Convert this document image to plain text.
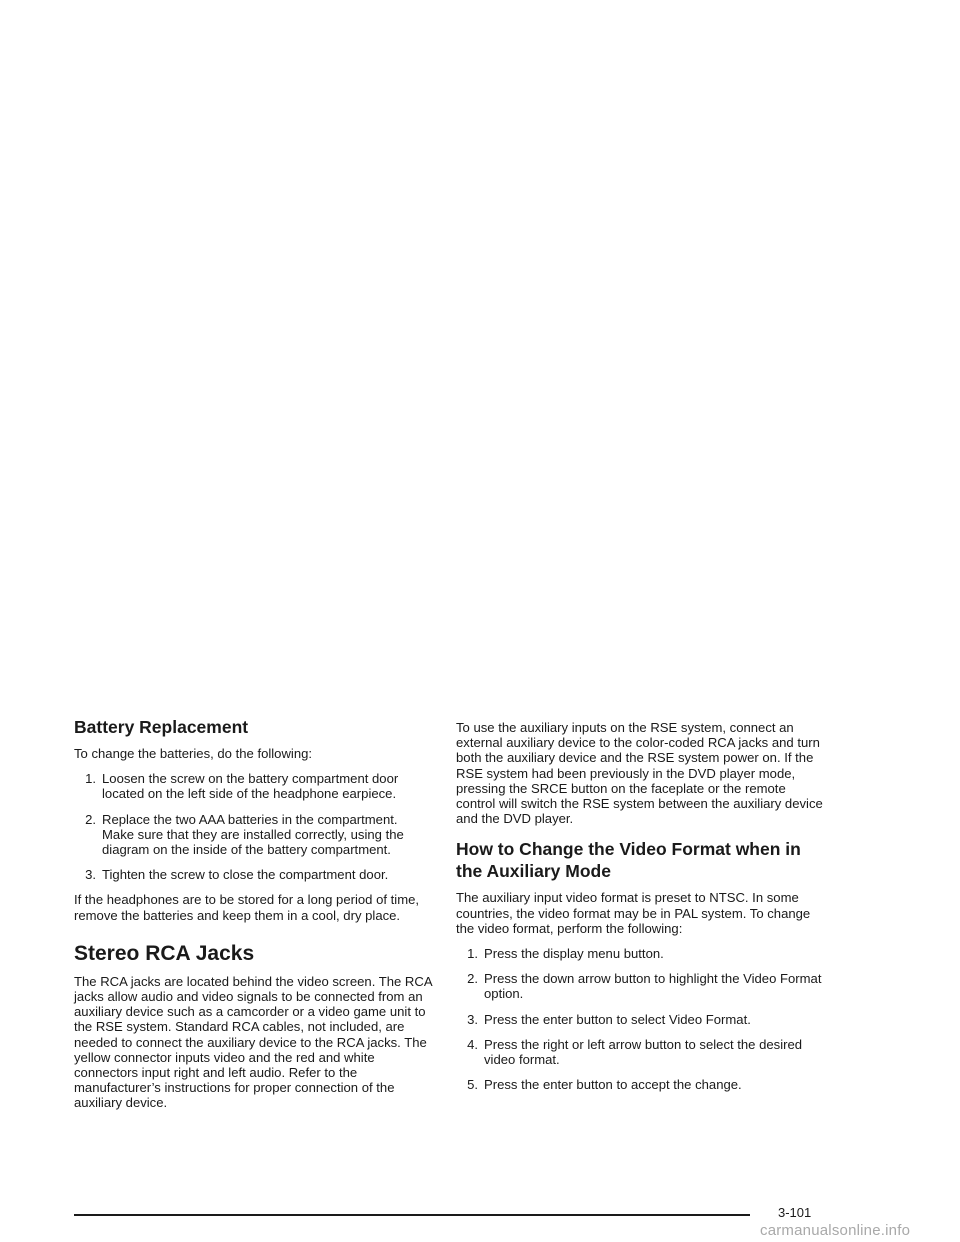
Battery Replacement

To change the batteries, do the following:

1. Loosen the screw on the battery compartment door located on the left side of the headphone earpiece.
2. Replace the two AAA batteries in the compartment. Make sure that they are installed correctly, using the diagram on the inside of the battery compartment.
3. Tighten the screw to close the compartment door.

If the headphones are to be stored for a long period of time, remove the batteries and keep them in a cool, dry place.

Stereo RCA Jacks

The RCA jacks are located behind the video screen. The RCA jacks allow audio and video signals to be connected from an auxiliary device such as a camcorder or a video game unit to the RSE system. Standard RCA cables, not included, are needed to connect the auxiliary device to the RCA jacks. The yellow connector inputs video and the red and white connectors input right and left audio. Refer to the manufacturer’s instructions for proper connection of the auxiliary device.

To use the auxiliary inputs on the RSE system, connect an external auxiliary device to the color-coded RCA jacks and turn both the auxiliary device and the RSE system power on. If the RSE system had been previously in the DVD player mode, pressing the SRCE button on the faceplate or the remote control will switch the RSE system between the auxiliary device and the DVD player.

How to Change the Video Format when in the Auxiliary Mode

The auxiliary input video format is preset to NTSC. In some countries, the video format may be in PAL system. To change the video format, perform the following:

1. Press the display menu button.
2. Press the down arrow button to highlight the Video Format option.
3. Press the enter button to select Video Format.
4. Press the right or left arrow button to select the desired video format.
5. Press the enter button to accept the change.
3-101
carmanualsonline.info
